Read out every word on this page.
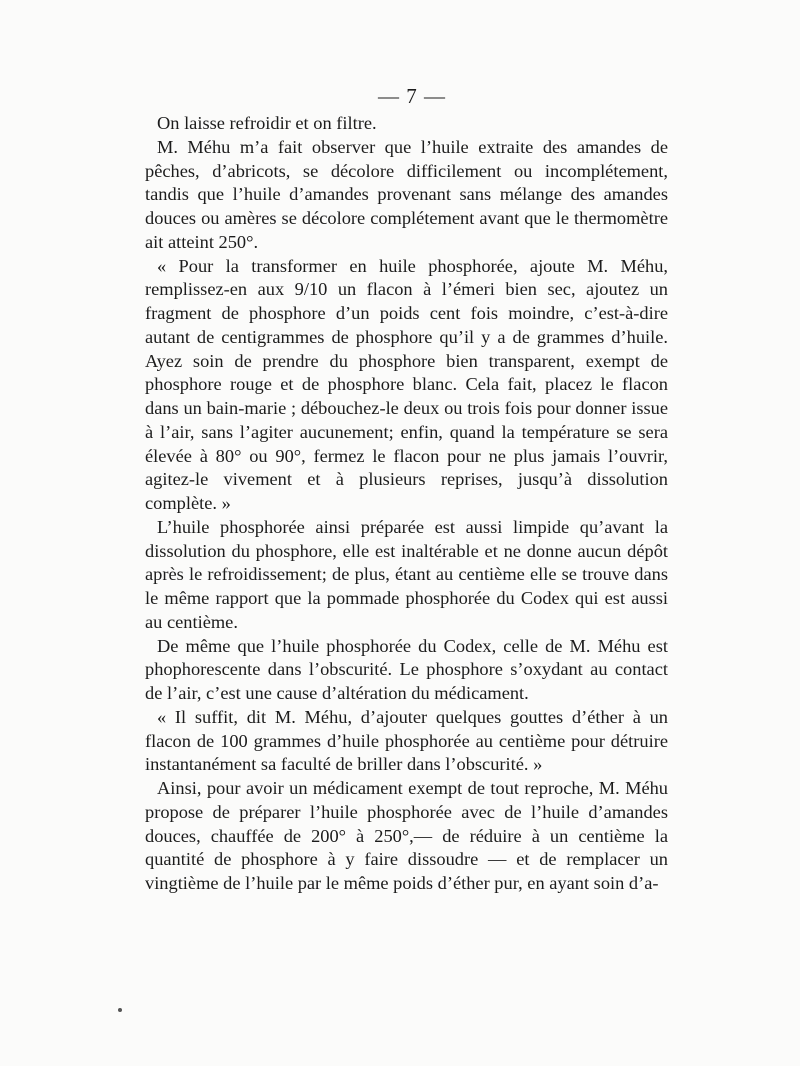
— 7 —

On laisse refroidir et on filtre.

M. Méhu m’a fait observer que l’huile extraite des amandes de pêches, d’abricots, se décolore difficilement ou incomplétement, tandis que l’huile d’amandes provenant sans mélange des amandes douces ou amères se décolore complétement avant que le thermomètre ait atteint 250°.

« Pour la transformer en huile phosphorée, ajoute M. Méhu, remplissez-en aux 9/10 un flacon à l’émeri bien sec, ajoutez un fragment de phosphore d’un poids cent fois moindre, c’est-à-dire autant de centigrammes de phosphore qu’il y a de grammes d’huile. Ayez soin de prendre du phosphore bien transparent, exempt de phosphore rouge et de phosphore blanc. Cela fait, placez le flacon dans un bain-marie ; débouchez-le deux ou trois fois pour donner issue à l’air, sans l’agiter aucunement; enfin, quand la température se sera élevée à 80° ou 90°, fermez le flacon pour ne plus jamais l’ouvrir, agitez-le vivement et à plusieurs reprises, jusqu’à dissolution complète. »

L’huile phosphorée ainsi préparée est aussi limpide qu’avant la dissolution du phosphore, elle est inaltérable et ne donne aucun dépôt après le refroidissement; de plus, étant au centième elle se trouve dans le même rapport que la pommade phosphorée du Codex qui est aussi au centième.

De même que l’huile phosphorée du Codex, celle de M. Méhu est phophorescente dans l’obscurité. Le phosphore s’oxydant au contact de l’air, c’est une cause d’altération du médicament.

« Il suffit, dit M. Méhu, d’ajouter quelques gouttes d’éther à un flacon de 100 grammes d’huile phosphorée au centième pour détruire instantanément sa faculté de briller dans l’obscurité. »

Ainsi, pour avoir un médicament exempt de tout reproche, M. Méhu propose de préparer l’huile phosphorée avec de l’huile d’amandes douces, chauffée de 200° à 250°,— de réduire à un centième la quantité de phosphore à y faire dissoudre — et de remplacer un vingtième de l’huile par le même poids d’éther pur, en ayant soin d’a-
